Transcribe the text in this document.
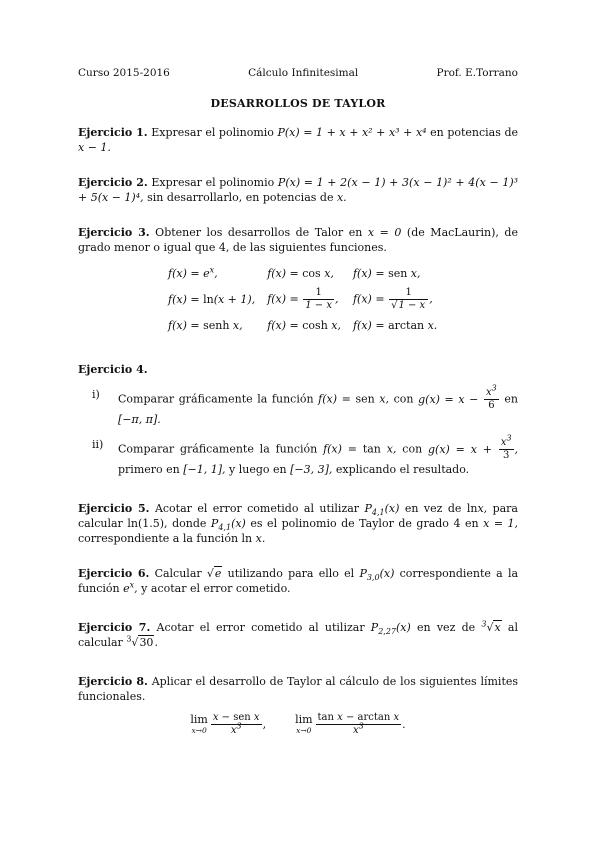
Curso 2015-2016	Cálculo Infinitesimal	Prof. E.Torrano
DESARROLLOS DE TAYLOR
Ejercicio 1. Expresar el polinomio P(x) = 1 + x + x² + x³ + x⁴ en potencias de x − 1.
Ejercicio 2. Expresar el polinomio P(x) = 1 + 2(x − 1) + 3(x − 1)² + 4(x − 1)³ + 5(x − 1)⁴, sin desarrollarlo, en potencias de x.
Ejercicio 3. Obtener los desarrollos de Talor en x = 0 (de MacLaurin), de grado menor o igual que 4, de las siguientes funciones.
$f(x) = e^x$,	f(x) = cos x,	f(x) = sen x,
f(x) = ln(x + 1),	$f(x) = \frac{1}{1 - x}$ ,	$f(x) = \frac{1}{√1 - x}$ ,
f(x) = senh x,	f(x) = cosh x,	f(x) = arctan x.
Ejercicio 4.
i)	Comparar gráficamente la función f(x) = sen x, con $g(x) = x - \frac{x^3}{6}$ en [−π, π].
ii)	Comparar gráficamente la función f(x) = tan x, con $g(x) = x + \frac{x^3}{3}$ , primero en [−1, 1], y luego en [−3, 3], explicando el resultado.
Ejercicio 5. Acotar el error cometido al utilizar $P_{4,1}(x)$ en vez de lnx, para calcular ln(1.5), donde $P_{4,1}(x)$ es el polinomio de Taylor de grado 4 en x = 1, correspondiente a la función ln x.
Ejercicio 6. Calcular √e utilizando para ello el $P_{3,0}(x)$ correspondiente a la función $e^x$, y acotar el error cometido.
Ejercicio 7. Acotar el error cometido al utilizar $P_{2,27}(x)$ en vez de $^3$√x al calcular $^3$√30.
Ejercicio 8. Aplicar el desarrollo de Taylor al cálculo de los siguientes límites funcionales.
lim
$x\to 0 \frac{\text{x − sen x}}{x^3}$ , lim
$x\to 0 \frac{\text{tan x − arctan x}}{x^3}$ .
